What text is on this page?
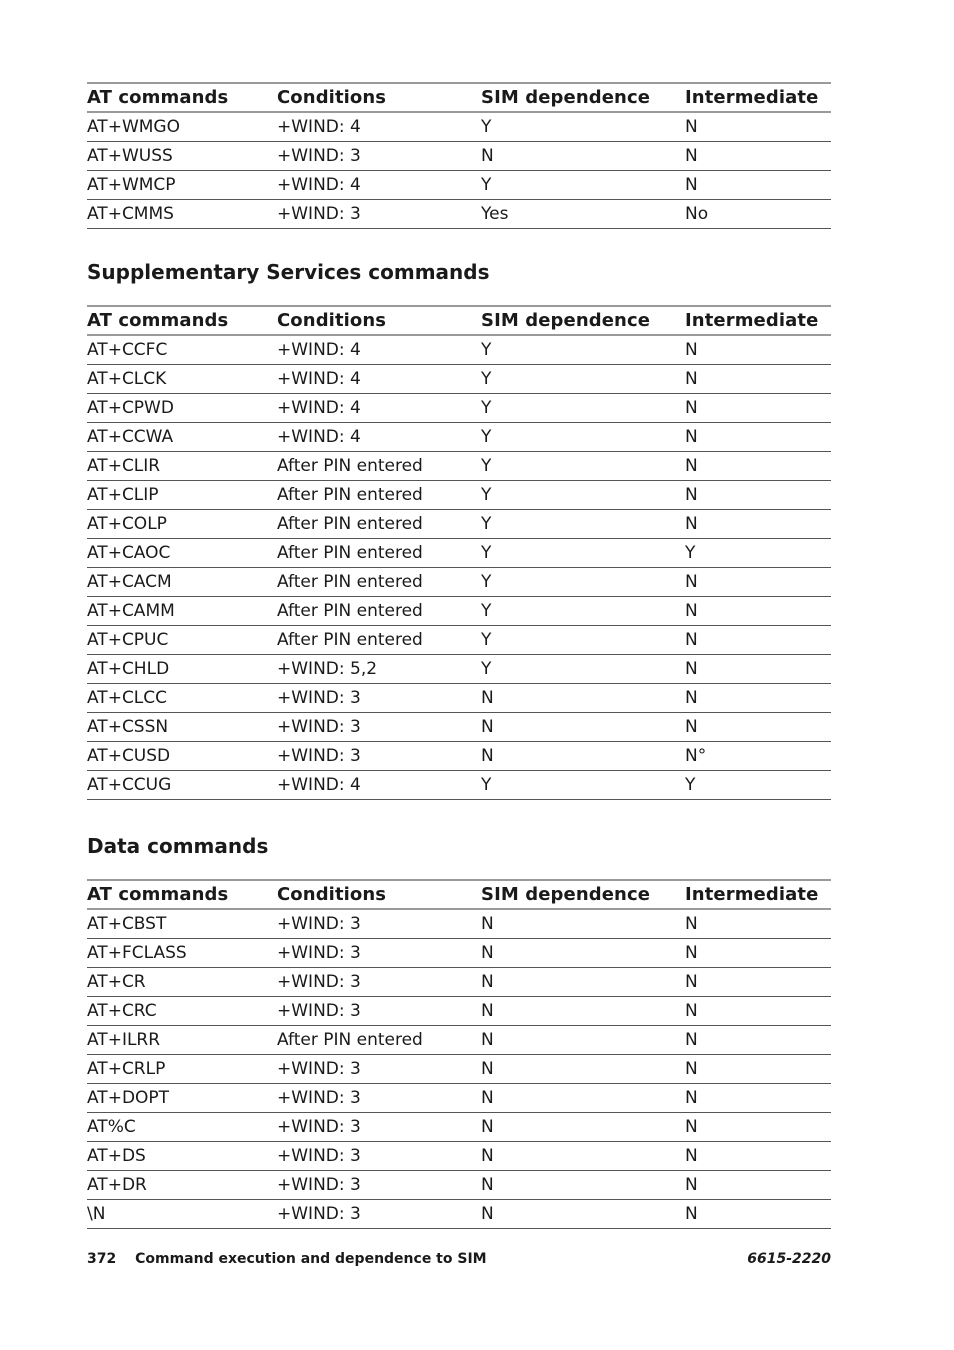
AT commands	Conditions	SIM dependence	Intermediate
AT+WMGO	+WIND: 4	Y	N
AT+WUSS	+WIND: 3	N	N
AT+WMCP	+WIND: 4	Y	N
AT+CMMS	+WIND: 3	Yes	No
Supplementary Services commands
AT commands	Conditions	SIM dependence	Intermediate
AT+CCFC	+WIND: 4	Y	N
AT+CLCK	+WIND: 4	Y	N
AT+CPWD	+WIND: 4	Y	N
AT+CCWA	+WIND: 4	Y	N
AT+CLIR	After PIN entered	Y	N
AT+CLIP	After PIN entered	Y	N
AT+COLP	After PIN entered	Y	N
AT+CAOC	After PIN entered	Y	Y
AT+CACM	After PIN entered	Y	N
AT+CAMM	After PIN entered	Y	N
AT+CPUC	After PIN entered	Y	N
AT+CHLD	+WIND: 5,2	Y	N
AT+CLCC	+WIND: 3	N	N
AT+CSSN	+WIND: 3	N	N
AT+CUSD	+WIND: 3	N	N°
AT+CCUG	+WIND: 4	Y	Y
Data commands
AT commands	Conditions	SIM dependence	Intermediate
AT+CBST	+WIND: 3	N	N
AT+FCLASS	+WIND: 3	N	N
AT+CR	+WIND: 3	N	N
AT+CRC	+WIND: 3	N	N
AT+ILRR	After PIN entered	N	N
AT+CRLP	+WIND: 3	N	N
AT+DOPT	+WIND: 3	N	N
AT%C	+WIND: 3	N	N
AT+DS	+WIND: 3	N	N
AT+DR	+WIND: 3	N	N
\N	+WIND: 3	N	N
372 Command execution and dependence to SIM	6615-2220
